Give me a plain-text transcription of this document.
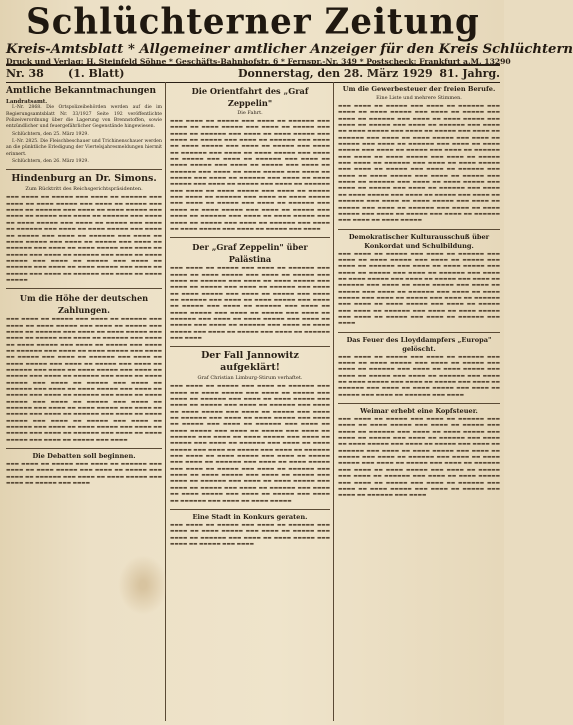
Schlüchterner Zeitung
Kreis-Amtsblatt * Allgemeiner amtlicher Anzeiger für den Kreis Schlüchtern
Druck und Verlag: H. Steinfeld Söhne * Geschäfts-Bahnhofstr. 6 * Fernspr.-Nr. 349 * Postscheck: Frankfurt a.M. 13290
Nr. 38 (1. Blatt)	Donnerstag, den 28. März 1929 81. Jahrg.
Amtliche Bekanntmachungen
Landratsamt.

I.-Nr. 2868. Die Ortspolizeibehörden werden auf die im Regierungsamtsblatt Nr. 33/1927 Seite 192 veröffentlichte Polizeiverordnung über die Lagerung von Brennstoffen, sowie entzündlicher und feuergefährlicher Gegenstände hingewiesen.

Schlüchtern, den 25. März 1929.

I.-Nr. 2825. Die Fleischbeschauer und Trichinenschauer werden an die pünktliche Erledigung der Viertelsjahresmeldungen hiermit erinnert.

Schlüchtern, den 26. März 1929.

Hindenburg an Dr. Simons.
Zum Rücktritt des Reichsgerichtspräsidenten.
▬▬▬ ▬▬▬▬ ▬▬ ▬▬▬▬▬ ▬▬▬ ▬▬▬▬ ▬▬ ▬▬▬▬▬▬ ▬▬▬ ▬▬▬▬ ▬▬ ▬▬▬▬ ▬▬▬▬▬ ▬▬▬ ▬▬▬▬ ▬▬ ▬▬▬▬▬ ▬▬▬ ▬▬▬▬ ▬▬ ▬▬▬▬▬▬ ▬▬▬ ▬▬▬▬ ▬▬ ▬▬▬▬ ▬▬▬▬▬ ▬▬▬ ▬▬▬▬ ▬▬ ▬▬▬▬▬ ▬▬▬ ▬▬▬▬ ▬▬ ▬▬▬▬▬▬ ▬▬▬ ▬▬▬▬ ▬▬ ▬▬▬▬ ▬▬▬▬▬ ▬▬▬ ▬▬▬▬ ▬▬ ▬▬▬▬▬ ▬▬▬ ▬▬▬▬ ▬▬ ▬▬▬▬▬▬ ▬▬▬ ▬▬▬▬ ▬▬ ▬▬▬▬ ▬▬▬▬▬ ▬▬▬ ▬▬▬▬ ▬▬ ▬▬▬▬▬ ▬▬▬ ▬▬▬▬ ▬▬ ▬▬▬▬▬▬ ▬▬▬ ▬▬▬▬ ▬▬ ▬▬▬▬ ▬▬▬▬▬ ▬▬▬ ▬▬▬▬ ▬▬ ▬▬▬▬▬ ▬▬▬ ▬▬▬▬ ▬▬ ▬▬▬▬▬▬ ▬▬▬ ▬▬▬▬ ▬▬ ▬▬▬▬ ▬▬▬▬▬ ▬▬▬ ▬▬▬▬ ▬▬ ▬▬▬▬▬ ▬▬▬ ▬▬▬▬ ▬▬ ▬▬▬▬▬▬ ▬▬▬ ▬▬▬▬ ▬▬ ▬▬▬▬ ▬▬▬▬▬ ▬▬▬ ▬▬▬▬ ▬▬ ▬▬▬▬▬ ▬▬▬ ▬▬▬▬ ▬▬ ▬▬▬▬▬▬ ▬▬▬ ▬▬▬▬ ▬▬ ▬▬▬▬ ▬▬▬▬▬ ▬▬▬ ▬▬▬▬ ▬▬ ▬▬▬▬▬ ▬▬▬ ▬▬▬▬ ▬▬ ▬▬▬▬▬▬ ▬▬▬ ▬▬▬▬ ▬▬ ▬▬▬▬ ▬▬▬▬▬
Um die Höhe der deutschen Zahlungen.
▬▬▬ ▬▬▬▬ ▬▬ ▬▬▬▬▬ ▬▬▬ ▬▬▬▬ ▬▬ ▬▬▬▬▬▬ ▬▬▬ ▬▬▬▬ ▬▬ ▬▬▬▬ ▬▬▬▬▬ ▬▬▬ ▬▬▬▬ ▬▬ ▬▬▬▬▬ ▬▬▬ ▬▬▬▬ ▬▬ ▬▬▬▬▬▬ ▬▬▬ ▬▬▬▬ ▬▬ ▬▬▬▬ ▬▬▬▬▬ ▬▬▬ ▬▬▬▬ ▬▬ ▬▬▬▬▬ ▬▬▬ ▬▬▬▬ ▬▬ ▬▬▬▬▬▬ ▬▬▬ ▬▬▬▬ ▬▬ ▬▬▬▬ ▬▬▬▬▬ ▬▬▬ ▬▬▬▬ ▬▬ ▬▬▬▬▬ ▬▬▬ ▬▬▬▬ ▬▬ ▬▬▬▬▬▬ ▬▬▬ ▬▬▬▬ ▬▬ ▬▬▬▬ ▬▬▬▬▬ ▬▬▬ ▬▬▬▬ ▬▬ ▬▬▬▬▬ ▬▬▬ ▬▬▬▬ ▬▬ ▬▬▬▬▬▬ ▬▬▬ ▬▬▬▬ ▬▬ ▬▬▬▬ ▬▬▬▬▬ ▬▬▬ ▬▬▬▬ ▬▬ ▬▬▬▬▬ ▬▬▬ ▬▬▬▬ ▬▬ ▬▬▬▬▬▬ ▬▬▬ ▬▬▬▬ ▬▬ ▬▬▬▬ ▬▬▬▬▬ ▬▬▬ ▬▬▬▬ ▬▬ ▬▬▬▬▬ ▬▬▬ ▬▬▬▬ ▬▬ ▬▬▬▬▬▬ ▬▬▬ ▬▬▬▬ ▬▬ ▬▬▬▬ ▬▬▬▬▬ ▬▬▬ ▬▬▬▬ ▬▬ ▬▬▬▬▬ ▬▬▬ ▬▬▬▬ ▬▬ ▬▬▬▬▬▬ ▬▬▬ ▬▬▬▬ ▬▬ ▬▬▬▬ ▬▬▬▬▬ ▬▬▬ ▬▬▬▬ ▬▬ ▬▬▬▬▬ ▬▬▬ ▬▬▬▬ ▬▬ ▬▬▬▬▬▬ ▬▬▬ ▬▬▬▬ ▬▬ ▬▬▬▬ ▬▬▬▬▬ ▬▬▬ ▬▬▬▬ ▬▬ ▬▬▬▬▬ ▬▬▬ ▬▬▬▬ ▬▬ ▬▬▬▬▬▬ ▬▬▬ ▬▬▬▬ ▬▬ ▬▬▬▬ ▬▬▬▬▬ ▬▬▬ ▬▬▬▬ ▬▬ ▬▬▬▬▬ ▬▬▬ ▬▬▬▬ ▬▬ ▬▬▬▬▬▬ ▬▬▬ ▬▬▬▬ ▬▬ ▬▬▬▬ ▬▬▬▬▬ ▬▬▬ ▬▬▬▬ ▬▬ ▬▬▬▬▬ ▬▬▬ ▬▬▬▬ ▬▬ ▬▬▬▬▬▬ ▬▬▬ ▬▬▬▬ ▬▬ ▬▬▬▬ ▬▬▬▬▬ ▬▬▬ ▬▬▬▬ ▬▬ ▬▬▬▬▬ ▬▬▬ ▬▬▬▬ ▬▬ ▬▬▬▬▬▬ ▬▬▬ ▬▬▬▬ ▬▬ ▬▬▬▬ ▬▬▬▬▬ ▬▬▬ ▬▬▬▬ ▬▬ ▬▬▬▬▬ ▬▬▬ ▬▬▬▬
Die Debatten soll beginnen.
▬▬▬ ▬▬▬▬ ▬▬ ▬▬▬▬▬ ▬▬▬ ▬▬▬▬ ▬▬ ▬▬▬▬▬▬ ▬▬▬ ▬▬▬▬ ▬▬ ▬▬▬▬ ▬▬▬▬▬ ▬▬▬ ▬▬▬▬ ▬▬ ▬▬▬▬▬ ▬▬▬ ▬▬▬▬ ▬▬ ▬▬▬▬▬▬ ▬▬▬ ▬▬▬▬ ▬▬ ▬▬▬▬ ▬▬▬▬▬ ▬▬▬ ▬▬▬▬ ▬▬ ▬▬▬▬▬ ▬▬▬ ▬▬▬▬
Die Orientfahrt des „Graf Zeppelin"
Die Fahrt.
▬▬▬ ▬▬▬▬ ▬▬ ▬▬▬▬▬ ▬▬▬ ▬▬▬▬ ▬▬ ▬▬▬▬▬▬ ▬▬▬ ▬▬▬▬ ▬▬ ▬▬▬▬ ▬▬▬▬▬ ▬▬▬ ▬▬▬▬ ▬▬ ▬▬▬▬▬ ▬▬▬ ▬▬▬▬ ▬▬ ▬▬▬▬▬▬ ▬▬▬ ▬▬▬▬ ▬▬ ▬▬▬▬ ▬▬▬▬▬ ▬▬▬ ▬▬▬▬ ▬▬ ▬▬▬▬▬ ▬▬▬ ▬▬▬▬ ▬▬ ▬▬▬▬▬▬ ▬▬▬ ▬▬▬▬ ▬▬ ▬▬▬▬ ▬▬▬▬▬ ▬▬▬ ▬▬▬▬ ▬▬ ▬▬▬▬▬ ▬▬▬ ▬▬▬▬ ▬▬ ▬▬▬▬▬▬ ▬▬▬ ▬▬▬▬ ▬▬ ▬▬▬▬ ▬▬▬▬▬ ▬▬▬ ▬▬▬▬ ▬▬ ▬▬▬▬▬ ▬▬▬ ▬▬▬▬ ▬▬ ▬▬▬▬▬▬ ▬▬▬ ▬▬▬▬ ▬▬ ▬▬▬▬ ▬▬▬▬▬ ▬▬▬ ▬▬▬▬ ▬▬ ▬▬▬▬▬ ▬▬▬ ▬▬▬▬ ▬▬ ▬▬▬▬▬▬ ▬▬▬ ▬▬▬▬ ▬▬ ▬▬▬▬ ▬▬▬▬▬ ▬▬▬ ▬▬▬▬ ▬▬ ▬▬▬▬▬ ▬▬▬ ▬▬▬▬ ▬▬ ▬▬▬▬▬▬ ▬▬▬ ▬▬▬▬ ▬▬ ▬▬▬▬ ▬▬▬▬▬ ▬▬▬ ▬▬▬▬ ▬▬ ▬▬▬▬▬ ▬▬▬ ▬▬▬▬ ▬▬ ▬▬▬▬▬▬ ▬▬▬ ▬▬▬▬ ▬▬ ▬▬▬▬ ▬▬▬▬▬ ▬▬▬ ▬▬▬▬ ▬▬ ▬▬▬▬▬ ▬▬▬ ▬▬▬▬ ▬▬ ▬▬▬▬▬▬ ▬▬▬ ▬▬▬▬ ▬▬ ▬▬▬▬ ▬▬▬▬▬ ▬▬▬ ▬▬▬▬ ▬▬ ▬▬▬▬▬ ▬▬▬ ▬▬▬▬ ▬▬ ▬▬▬▬▬▬ ▬▬▬ ▬▬▬▬ ▬▬ ▬▬▬▬ ▬▬▬▬▬ ▬▬▬ ▬▬▬▬ ▬▬ ▬▬▬▬▬ ▬▬▬ ▬▬▬▬ ▬▬ ▬▬▬▬▬▬ ▬▬▬ ▬▬▬▬ ▬▬ ▬▬▬▬ ▬▬▬▬▬ ▬▬▬ ▬▬▬▬ ▬▬ ▬▬▬▬▬ ▬▬▬ ▬▬▬▬ ▬▬ ▬▬▬▬▬▬ ▬▬▬ ▬▬▬▬ ▬▬ ▬▬▬▬ ▬▬▬▬▬ ▬▬▬ ▬▬▬▬ ▬▬ ▬▬▬▬▬ ▬▬▬ ▬▬▬▬
Der „Graf Zeppelin" über Palästina
▬▬▬ ▬▬▬▬ ▬▬ ▬▬▬▬▬ ▬▬▬ ▬▬▬▬ ▬▬ ▬▬▬▬▬▬ ▬▬▬ ▬▬▬▬ ▬▬ ▬▬▬▬ ▬▬▬▬▬ ▬▬▬ ▬▬▬▬ ▬▬ ▬▬▬▬▬ ▬▬▬ ▬▬▬▬ ▬▬ ▬▬▬▬▬▬ ▬▬▬ ▬▬▬▬ ▬▬ ▬▬▬▬ ▬▬▬▬▬ ▬▬▬ ▬▬▬▬ ▬▬ ▬▬▬▬▬ ▬▬▬ ▬▬▬▬ ▬▬ ▬▬▬▬▬▬ ▬▬▬ ▬▬▬▬ ▬▬ ▬▬▬▬ ▬▬▬▬▬ ▬▬▬ ▬▬▬▬ ▬▬ ▬▬▬▬▬ ▬▬▬ ▬▬▬▬ ▬▬ ▬▬▬▬▬▬ ▬▬▬ ▬▬▬▬ ▬▬ ▬▬▬▬ ▬▬▬▬▬ ▬▬▬ ▬▬▬▬ ▬▬ ▬▬▬▬▬ ▬▬▬ ▬▬▬▬ ▬▬ ▬▬▬▬▬▬ ▬▬▬ ▬▬▬▬ ▬▬ ▬▬▬▬ ▬▬▬▬▬ ▬▬▬ ▬▬▬▬ ▬▬ ▬▬▬▬▬ ▬▬▬ ▬▬▬▬ ▬▬ ▬▬▬▬▬▬ ▬▬▬ ▬▬▬▬ ▬▬ ▬▬▬▬ ▬▬▬▬▬ ▬▬▬ ▬▬▬▬ ▬▬ ▬▬▬▬▬ ▬▬▬ ▬▬▬▬ ▬▬ ▬▬▬▬▬▬ ▬▬▬ ▬▬▬▬ ▬▬ ▬▬▬▬ ▬▬▬▬▬ ▬▬▬ ▬▬▬▬ ▬▬ ▬▬▬▬▬ ▬▬▬ ▬▬▬▬ ▬▬ ▬▬▬▬▬▬ ▬▬▬ ▬▬▬▬
Der Fall Jannowitz aufgeklärt!
Graf Christian Limburg-Stirum verhaftet.
▬▬▬ ▬▬▬▬ ▬▬ ▬▬▬▬▬ ▬▬▬ ▬▬▬▬ ▬▬ ▬▬▬▬▬▬ ▬▬▬ ▬▬▬▬ ▬▬ ▬▬▬▬ ▬▬▬▬▬ ▬▬▬ ▬▬▬▬ ▬▬ ▬▬▬▬▬ ▬▬▬ ▬▬▬▬ ▬▬ ▬▬▬▬▬▬ ▬▬▬ ▬▬▬▬ ▬▬ ▬▬▬▬ ▬▬▬▬▬ ▬▬▬ ▬▬▬▬ ▬▬ ▬▬▬▬▬ ▬▬▬ ▬▬▬▬ ▬▬ ▬▬▬▬▬▬ ▬▬▬ ▬▬▬▬ ▬▬ ▬▬▬▬ ▬▬▬▬▬ ▬▬▬ ▬▬▬▬ ▬▬ ▬▬▬▬▬ ▬▬▬ ▬▬▬▬ ▬▬ ▬▬▬▬▬▬ ▬▬▬ ▬▬▬▬ ▬▬ ▬▬▬▬ ▬▬▬▬▬ ▬▬▬ ▬▬▬▬ ▬▬ ▬▬▬▬▬ ▬▬▬ ▬▬▬▬ ▬▬ ▬▬▬▬▬▬ ▬▬▬ ▬▬▬▬ ▬▬ ▬▬▬▬ ▬▬▬▬▬ ▬▬▬ ▬▬▬▬ ▬▬ ▬▬▬▬▬ ▬▬▬ ▬▬▬▬ ▬▬ ▬▬▬▬▬▬ ▬▬▬ ▬▬▬▬ ▬▬ ▬▬▬▬ ▬▬▬▬▬ ▬▬▬ ▬▬▬▬ ▬▬ ▬▬▬▬▬ ▬▬▬ ▬▬▬▬ ▬▬ ▬▬▬▬▬▬ ▬▬▬ ▬▬▬▬ ▬▬ ▬▬▬▬ ▬▬▬▬▬ ▬▬▬ ▬▬▬▬ ▬▬ ▬▬▬▬▬ ▬▬▬ ▬▬▬▬ ▬▬ ▬▬▬▬▬▬ ▬▬▬ ▬▬▬▬ ▬▬ ▬▬▬▬ ▬▬▬▬▬ ▬▬▬ ▬▬▬▬ ▬▬ ▬▬▬▬▬ ▬▬▬ ▬▬▬▬ ▬▬ ▬▬▬▬▬▬ ▬▬▬ ▬▬▬▬ ▬▬ ▬▬▬▬ ▬▬▬▬▬ ▬▬▬ ▬▬▬▬ ▬▬ ▬▬▬▬▬ ▬▬▬ ▬▬▬▬ ▬▬ ▬▬▬▬▬▬ ▬▬▬ ▬▬▬▬ ▬▬ ▬▬▬▬ ▬▬▬▬▬ ▬▬▬ ▬▬▬▬ ▬▬ ▬▬▬▬▬ ▬▬▬ ▬▬▬▬ ▬▬ ▬▬▬▬▬▬ ▬▬▬ ▬▬▬▬ ▬▬ ▬▬▬▬ ▬▬▬▬▬ ▬▬▬ ▬▬▬▬ ▬▬ ▬▬▬▬▬ ▬▬▬ ▬▬▬▬ ▬▬ ▬▬▬▬▬▬ ▬▬▬ ▬▬▬▬ ▬▬ ▬▬▬▬ ▬▬▬▬▬ ▬▬▬ ▬▬▬▬ ▬▬ ▬▬▬▬▬ ▬▬▬ ▬▬▬▬ ▬▬ ▬▬▬▬▬▬ ▬▬▬ ▬▬▬▬ ▬▬ ▬▬▬▬ ▬▬▬▬▬
Eine Stadt in Konkurs geraten.
▬▬▬ ▬▬▬▬ ▬▬ ▬▬▬▬▬ ▬▬▬ ▬▬▬▬ ▬▬ ▬▬▬▬▬▬ ▬▬▬ ▬▬▬▬ ▬▬ ▬▬▬▬ ▬▬▬▬▬ ▬▬▬ ▬▬▬▬ ▬▬ ▬▬▬▬▬ ▬▬▬ ▬▬▬▬ ▬▬ ▬▬▬▬▬▬ ▬▬▬ ▬▬▬▬ ▬▬ ▬▬▬▬ ▬▬▬▬▬ ▬▬▬ ▬▬▬▬ ▬▬ ▬▬▬▬▬ ▬▬▬ ▬▬▬▬
Um die Gewerbesteuer der freien Berufe.
Eine Liste und mehrere Stimmen.
▬▬▬ ▬▬▬▬ ▬▬ ▬▬▬▬▬ ▬▬▬ ▬▬▬▬ ▬▬ ▬▬▬▬▬▬ ▬▬▬ ▬▬▬▬ ▬▬ ▬▬▬▬ ▬▬▬▬▬ ▬▬▬ ▬▬▬▬ ▬▬ ▬▬▬▬▬ ▬▬▬ ▬▬▬▬ ▬▬ ▬▬▬▬▬▬ ▬▬▬ ▬▬▬▬ ▬▬ ▬▬▬▬ ▬▬▬▬▬ ▬▬▬ ▬▬▬▬ ▬▬ ▬▬▬▬▬ ▬▬▬ ▬▬▬▬ ▬▬ ▬▬▬▬▬▬ ▬▬▬ ▬▬▬▬ ▬▬ ▬▬▬▬ ▬▬▬▬▬ ▬▬▬ ▬▬▬▬ ▬▬ ▬▬▬▬▬ ▬▬▬ ▬▬▬▬ ▬▬ ▬▬▬▬▬▬ ▬▬▬ ▬▬▬▬ ▬▬ ▬▬▬▬ ▬▬▬▬▬ ▬▬▬ ▬▬▬▬ ▬▬ ▬▬▬▬▬ ▬▬▬ ▬▬▬▬ ▬▬ ▬▬▬▬▬▬ ▬▬▬ ▬▬▬▬ ▬▬ ▬▬▬▬ ▬▬▬▬▬ ▬▬▬ ▬▬▬▬ ▬▬ ▬▬▬▬▬ ▬▬▬ ▬▬▬▬ ▬▬ ▬▬▬▬▬▬ ▬▬▬ ▬▬▬▬ ▬▬ ▬▬▬▬ ▬▬▬▬▬ ▬▬▬ ▬▬▬▬ ▬▬ ▬▬▬▬▬ ▬▬▬ ▬▬▬▬ ▬▬ ▬▬▬▬▬▬ ▬▬▬ ▬▬▬▬ ▬▬ ▬▬▬▬ ▬▬▬▬▬ ▬▬▬ ▬▬▬▬ ▬▬ ▬▬▬▬▬ ▬▬▬ ▬▬▬▬ ▬▬ ▬▬▬▬▬▬ ▬▬▬ ▬▬▬▬ ▬▬ ▬▬▬▬ ▬▬▬▬▬ ▬▬▬ ▬▬▬▬ ▬▬ ▬▬▬▬▬ ▬▬▬ ▬▬▬▬ ▬▬ ▬▬▬▬▬▬ ▬▬▬ ▬▬▬▬ ▬▬ ▬▬▬▬ ▬▬▬▬▬ ▬▬▬ ▬▬▬▬ ▬▬ ▬▬▬▬▬ ▬▬▬ ▬▬▬▬ ▬▬ ▬▬▬▬▬▬ ▬▬▬ ▬▬▬▬ ▬▬ ▬▬▬▬ ▬▬▬▬▬ ▬▬▬ ▬▬▬▬ ▬▬ ▬▬▬▬▬ ▬▬▬ ▬▬▬▬ ▬▬ ▬▬▬▬▬▬ ▬▬▬ ▬▬▬▬ ▬▬ ▬▬▬▬ ▬▬▬▬▬ ▬▬▬ ▬▬▬▬ ▬▬ ▬▬▬▬▬ ▬▬▬ ▬▬▬▬ ▬▬ ▬▬▬▬▬▬ ▬▬▬ ▬▬▬▬ ▬▬ ▬▬▬▬ ▬▬▬▬▬ ▬▬▬ ▬▬▬▬ ▬▬ ▬▬▬▬▬ ▬▬▬ ▬▬▬▬ ▬▬ ▬▬▬▬▬▬ ▬▬▬ ▬▬▬▬ ▬▬ ▬▬▬▬ ▬▬▬▬▬
Demokratischer Kulturausschuß über Konkordat und Schulbildung.
▬▬▬ ▬▬▬▬ ▬▬ ▬▬▬▬▬ ▬▬▬ ▬▬▬▬ ▬▬ ▬▬▬▬▬▬ ▬▬▬ ▬▬▬▬ ▬▬ ▬▬▬▬ ▬▬▬▬▬ ▬▬▬ ▬▬▬▬ ▬▬ ▬▬▬▬▬ ▬▬▬ ▬▬▬▬ ▬▬ ▬▬▬▬▬▬ ▬▬▬ ▬▬▬▬ ▬▬ ▬▬▬▬ ▬▬▬▬▬ ▬▬▬ ▬▬▬▬ ▬▬ ▬▬▬▬▬ ▬▬▬ ▬▬▬▬ ▬▬ ▬▬▬▬▬▬ ▬▬▬ ▬▬▬▬ ▬▬ ▬▬▬▬ ▬▬▬▬▬ ▬▬▬ ▬▬▬▬ ▬▬ ▬▬▬▬▬ ▬▬▬ ▬▬▬▬ ▬▬ ▬▬▬▬▬▬ ▬▬▬ ▬▬▬▬ ▬▬ ▬▬▬▬ ▬▬▬▬▬ ▬▬▬ ▬▬▬▬ ▬▬ ▬▬▬▬▬ ▬▬▬ ▬▬▬▬ ▬▬ ▬▬▬▬▬▬ ▬▬▬ ▬▬▬▬ ▬▬ ▬▬▬▬ ▬▬▬▬▬ ▬▬▬ ▬▬▬▬ ▬▬ ▬▬▬▬▬ ▬▬▬ ▬▬▬▬ ▬▬ ▬▬▬▬▬▬ ▬▬▬ ▬▬▬▬ ▬▬ ▬▬▬▬ ▬▬▬▬▬ ▬▬▬ ▬▬▬▬ ▬▬ ▬▬▬▬▬ ▬▬▬ ▬▬▬▬ ▬▬ ▬▬▬▬▬▬ ▬▬▬ ▬▬▬▬ ▬▬ ▬▬▬▬ ▬▬▬▬▬ ▬▬▬ ▬▬▬▬ ▬▬ ▬▬▬▬▬ ▬▬▬ ▬▬▬▬ ▬▬ ▬▬▬▬▬▬ ▬▬▬ ▬▬▬▬
Das Feuer des Lloyddampfers „Europa" gelöscht.
▬▬▬ ▬▬▬▬ ▬▬ ▬▬▬▬▬ ▬▬▬ ▬▬▬▬ ▬▬ ▬▬▬▬▬▬ ▬▬▬ ▬▬▬▬ ▬▬ ▬▬▬▬ ▬▬▬▬▬ ▬▬▬ ▬▬▬▬ ▬▬ ▬▬▬▬▬ ▬▬▬ ▬▬▬▬ ▬▬ ▬▬▬▬▬▬ ▬▬▬ ▬▬▬▬ ▬▬ ▬▬▬▬ ▬▬▬▬▬ ▬▬▬ ▬▬▬▬ ▬▬ ▬▬▬▬▬ ▬▬▬ ▬▬▬▬ ▬▬ ▬▬▬▬▬▬ ▬▬▬ ▬▬▬▬ ▬▬ ▬▬▬▬ ▬▬▬▬▬ ▬▬▬ ▬▬▬▬ ▬▬ ▬▬▬▬▬ ▬▬▬ ▬▬▬▬ ▬▬ ▬▬▬▬▬▬ ▬▬▬ ▬▬▬▬ ▬▬ ▬▬▬▬ ▬▬▬▬▬ ▬▬▬ ▬▬▬▬ ▬▬ ▬▬▬▬▬ ▬▬▬ ▬▬▬▬ ▬▬ ▬▬▬▬▬▬ ▬▬▬ ▬▬▬▬
Weimar erhebt eine Kopfsteuer.
▬▬▬ ▬▬▬▬ ▬▬ ▬▬▬▬▬ ▬▬▬ ▬▬▬▬ ▬▬ ▬▬▬▬▬▬ ▬▬▬ ▬▬▬▬ ▬▬ ▬▬▬▬ ▬▬▬▬▬ ▬▬▬ ▬▬▬▬ ▬▬ ▬▬▬▬▬ ▬▬▬ ▬▬▬▬ ▬▬ ▬▬▬▬▬▬ ▬▬▬ ▬▬▬▬ ▬▬ ▬▬▬▬ ▬▬▬▬▬ ▬▬▬ ▬▬▬▬ ▬▬ ▬▬▬▬▬ ▬▬▬ ▬▬▬▬ ▬▬ ▬▬▬▬▬▬ ▬▬▬ ▬▬▬▬ ▬▬ ▬▬▬▬ ▬▬▬▬▬ ▬▬▬ ▬▬▬▬ ▬▬ ▬▬▬▬▬ ▬▬▬ ▬▬▬▬ ▬▬ ▬▬▬▬▬▬ ▬▬▬ ▬▬▬▬ ▬▬ ▬▬▬▬ ▬▬▬▬▬ ▬▬▬ ▬▬▬▬ ▬▬ ▬▬▬▬▬ ▬▬▬ ▬▬▬▬ ▬▬ ▬▬▬▬▬▬ ▬▬▬ ▬▬▬▬ ▬▬ ▬▬▬▬ ▬▬▬▬▬ ▬▬▬ ▬▬▬▬ ▬▬ ▬▬▬▬▬ ▬▬▬ ▬▬▬▬ ▬▬ ▬▬▬▬▬▬ ▬▬▬ ▬▬▬▬ ▬▬ ▬▬▬▬ ▬▬▬▬▬ ▬▬▬ ▬▬▬▬ ▬▬ ▬▬▬▬▬ ▬▬▬ ▬▬▬▬ ▬▬ ▬▬▬▬▬▬ ▬▬▬ ▬▬▬▬ ▬▬ ▬▬▬▬ ▬▬▬▬▬ ▬▬▬ ▬▬▬▬ ▬▬ ▬▬▬▬▬ ▬▬▬ ▬▬▬▬ ▬▬ ▬▬▬▬▬▬ ▬▬▬ ▬▬▬▬ ▬▬ ▬▬▬▬ ▬▬▬▬▬ ▬▬▬ ▬▬▬▬ ▬▬ ▬▬▬▬▬ ▬▬▬ ▬▬▬▬ ▬▬ ▬▬▬▬▬▬ ▬▬▬ ▬▬▬▬
